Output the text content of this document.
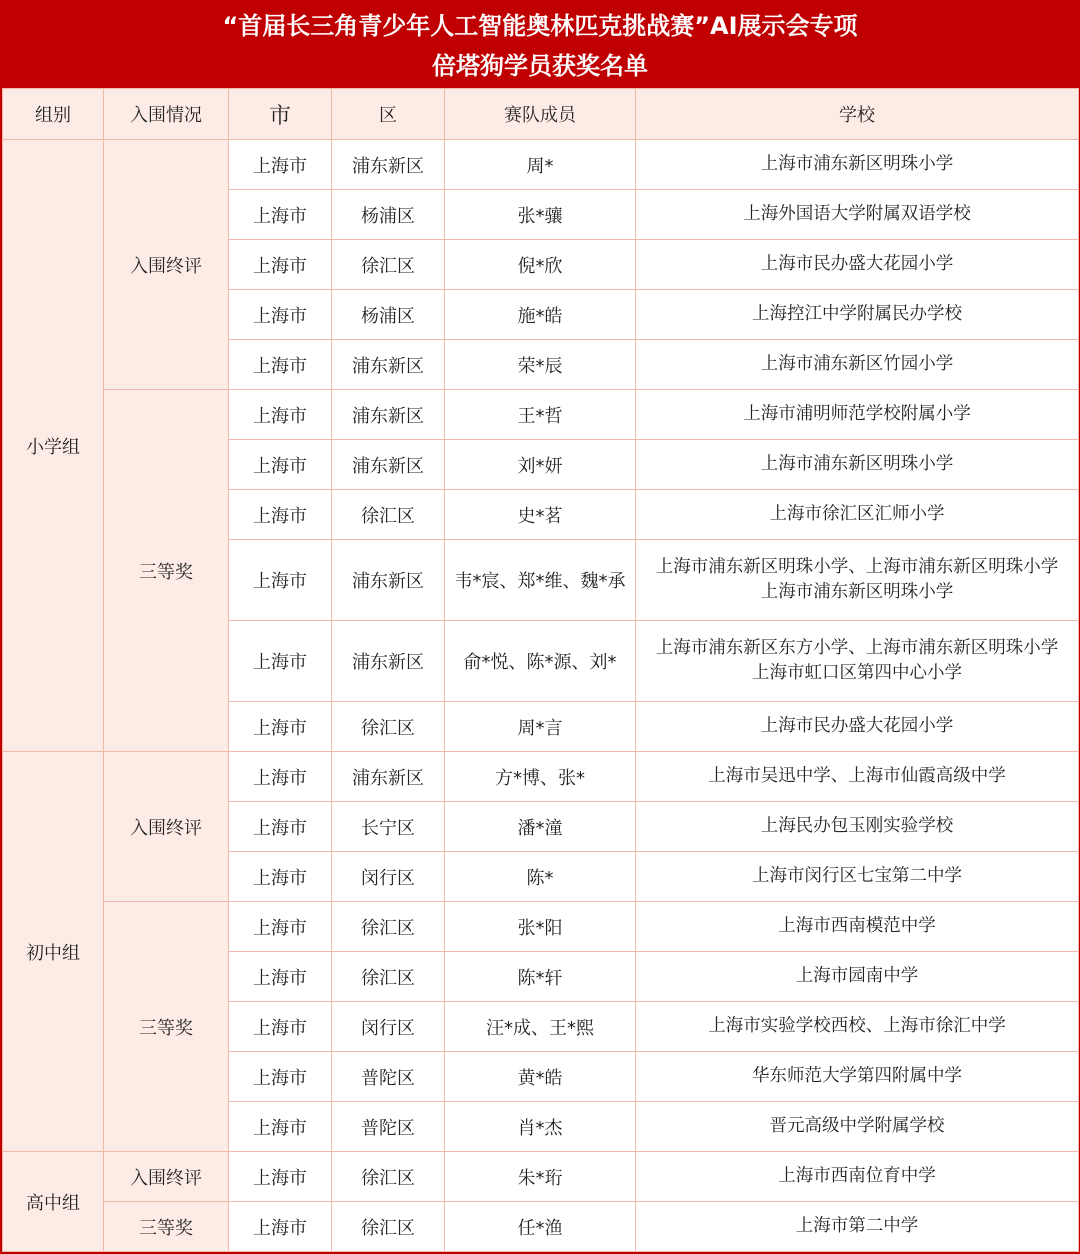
“首届长三角青少年人工智能奥林匹克挑战赛”AI展示会专项
倍塔狗学员获奖名单
组别	入围情况	市	区	赛队成员	学校
小学组	入围终评	上海市	浦东新区	周*	上海市浦东新区明珠小学
		上海市	杨浦区	张*骧	上海外国语大学附属双语学校
		上海市	徐汇区	倪*欣	上海市民办盛大花园小学
		上海市	杨浦区	施*皓	上海控江中学附属民办学校
		上海市	浦东新区	荣*辰	上海市浦东新区竹园小学
	三等奖	上海市	浦东新区	王*哲	上海市浦明师范学校附属小学
		上海市	浦东新区	刘*妍	上海市浦东新区明珠小学
		上海市	徐汇区	史*茗	上海市徐汇区汇师小学
		上海市	浦东新区	韦*宸、郑*维、魏*承	上海市浦东新区明珠小学、上海市浦东新区明珠小学
上海市浦东新区明珠小学

		上海市	浦东新区	俞*悦、陈*源、刘*	上海市浦东新区东方小学、上海市浦东新区明珠小学
上海市虹口区第四中心小学

		上海市	徐汇区	周*言	上海市民办盛大花园小学
初中组	入围终评	上海市	浦东新区	方*博、张*	上海市吴迅中学、上海市仙霞高级中学
		上海市	长宁区	潘*潼	上海民办包玉刚实验学校
		上海市	闵行区	陈*	上海市闵行区七宝第二中学
	三等奖	上海市	徐汇区	张*阳	上海市西南模范中学
		上海市	徐汇区	陈*轩	上海市园南中学
		上海市	闵行区	汪*成、王*熙	上海市实验学校西校、上海市徐汇中学
		上海市	普陀区	黄*皓	华东师范大学第四附属中学
		上海市	普陀区	肖*杰	晋元高级中学附属学校
高中组	入围终评	上海市	徐汇区	朱*珩	上海市西南位育中学
	三等奖	上海市	徐汇区	任*渔	上海市第二中学
